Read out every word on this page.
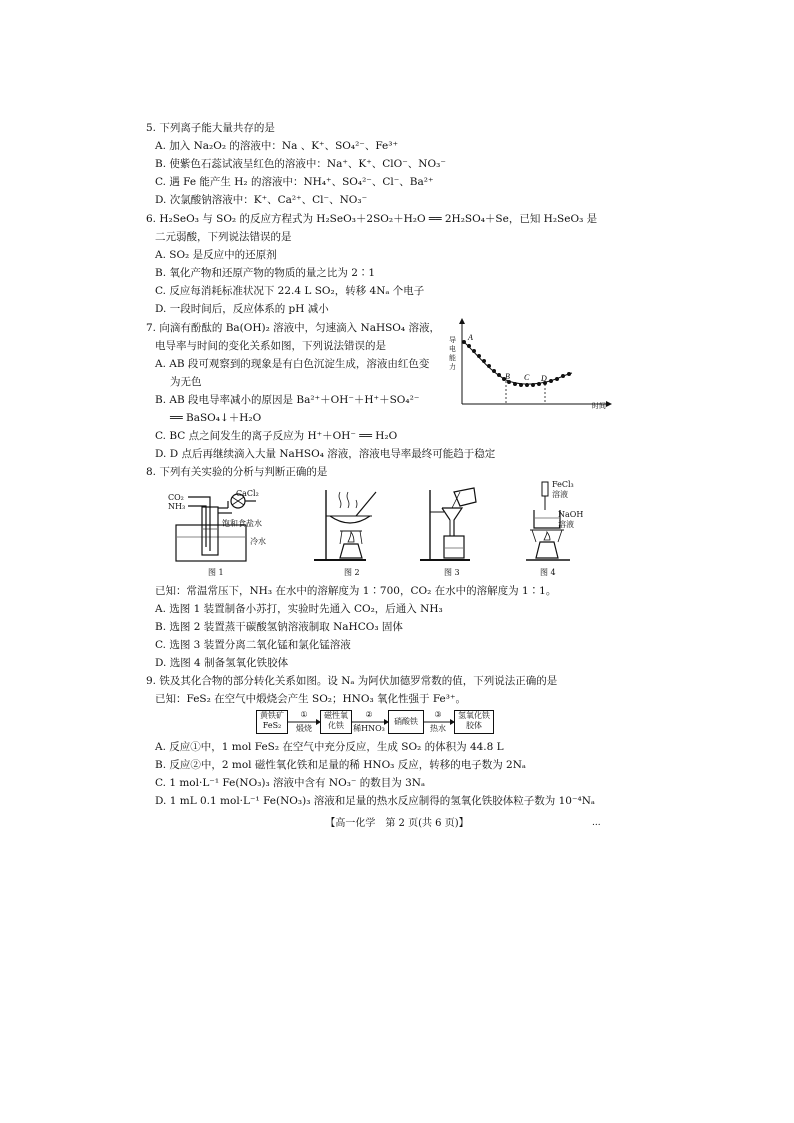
5. 下列离子能大量共存的是
A. 加入 Na₂O₂ 的溶液中：Na 、K⁺、SO₄²⁻、Fe³⁺
B. 使紫色石蕊试液呈红色的溶液中：Na⁺、K⁺、ClO⁻、NO₃⁻
C. 遇 Fe 能产生 H₂ 的溶液中：NH₄⁺、SO₄²⁻、Cl⁻、Ba²⁺
D. 次氯酸钠溶液中：K⁺、Ca²⁺、Cl⁻、NO₃⁻
6. H₂SeO₃ 与 SO₂ 的反应方程式为 H₂SeO₃＋2SO₂＋H₂O ══ 2H₂SO₄＋Se，已知 H₂SeO₃ 是
二元弱酸，下列说法错误的是
A. SO₂ 是反应中的还原剂
B. 氧化产物和还原产物的物质的量之比为 2∶1
C. 反应每消耗标准状况下 22.4 L SO₂，转移 4Nₐ 个电子
D. 一段时间后，反应体系的 pH 减小
7. 向滴有酚酞的 Ba(OH)₂ 溶液中，匀速滴入 NaHSO₄ 溶液，
电导率与时间的变化关系如图，下列说法错误的是
A. AB 段可观察到的现象是有白色沉淀生成，溶液由红色变
为无色
B. AB 段电导率减小的原因是 Ba²⁺＋OH⁻＋H⁺＋SO₄²⁻
══ BaSO₄↓＋H₂O
C. BC 点之间发生的离子反应为 H⁺＋OH⁻ ══ H₂O
D. D 点后再继续滴入大量 NaHSO₄ 溶液，溶液电导率最终可能趋于稳定
A
B C D
时间
导电能力
8. 下列有关实验的分析与判断正确的是
CO₂
NH₃
CaCl₂
饱和食盐水
冷水
图 1	图 2	图 3
FeCl₃
溶液
NaOH
溶液
图 4
已知：常温常压下，NH₃ 在水中的溶解度为 1∶700，CO₂ 在水中的溶解度为 1∶1。
A. 选图 1 装置制备小苏打，实验时先通入 CO₂，后通入 NH₃
B. 选图 2 装置蒸干碳酸氢钠溶液制取 NaHCO₃ 固体
C. 选图 3 装置分离二氧化锰和氯化锰溶液
D. 选图 4 制备氢氧化铁胶体
9. 铁及其化合物的部分转化关系如图。设 Nₐ 为阿伏加德罗常数的值，下列说法正确的是
已知：FeS₂ 在空气中煅烧会产生 SO₂；HNO₃ 氧化性强于 Fe³⁺。
黄铁矿
FeS₂
磁性氧
化铁	硝酸铁
氢氧化铁
胶体
①
煅烧
②
稀HNO₃
③
热水
A. 反应①中，1 mol FeS₂ 在空气中充分反应，生成 SO₂ 的体积为 44.8 L
B. 反应②中，2 mol 磁性氧化铁和足量的稀 HNO₃ 反应，转移的电子数为 2Nₐ
C. 1 mol·L⁻¹ Fe(NO₃)₃ 溶液中含有 NO₃⁻ 的数目为 3Nₐ
D. 1 mL 0.1 mol·L⁻¹ Fe(NO₃)₃ 溶液和足量的热水反应制得的氢氧化铁胶体粒子数为 10⁻⁴Nₐ
【高一化学　第 2 页(共 6 页)】	...
